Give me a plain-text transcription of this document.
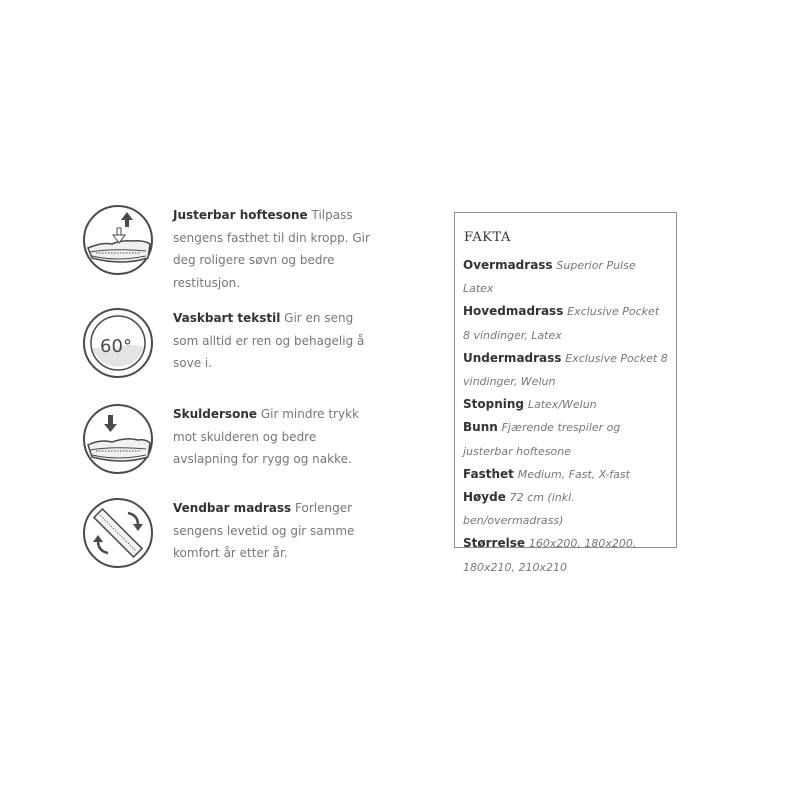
Justerbar hoftesone Tilpass sengens fasthet til din kropp. Gir deg roligere søvn og bedre restitusjon.
60°
Vaskbart tekstil Gir en seng som alltid er ren og behagelig å sove i.
Skuldersone Gir mindre trykk mot skulderen og bedre avslapning for rygg og nakke.
Vendbar madrass Forlenger sengens levetid og gir samme komfort år etter år.
FAKTA
Overmadrass Superior Pulse Latex
Hovedmadrass Exclusive Pocket 8 vindinger, Latex
Undermadrass Exclusive Pocket 8 vindinger, Welun
Stopning Latex/Welun
Bunn Fjærende trespiler og justerbar hoftesone
Fasthet Medium, Fast, X-fast
Høyde 72 cm (inkl. ben/overmadrass)
Størrelse 160x200, 180x200, 180x210, 210x210
